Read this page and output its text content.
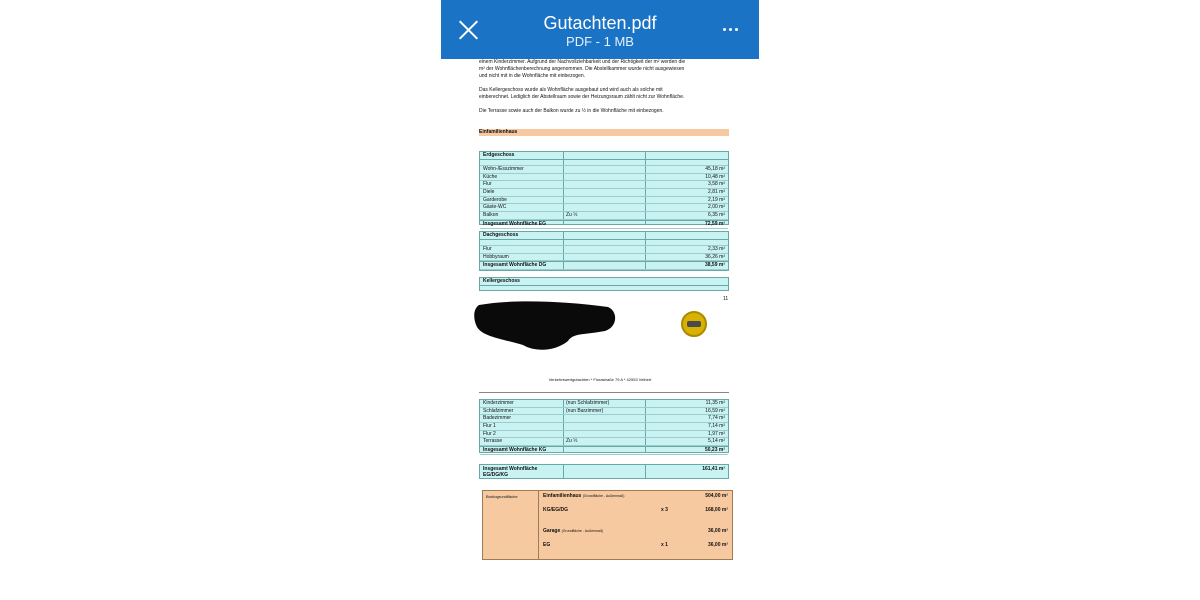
Gutachten.pdf
PDF - 1 MB
einem Kinderzimmer. Aufgrund der Nachvollziehbarkeit und der Richtigkeit der m² werden die
m² der Wohnflächenberechnung angenommen. Die Abstellkammer wurde nicht ausgewiesen
und nicht mit in die Wohnfläche mit einbezogen.
Das Kellergeschoss wurde als Wohnfläche ausgebaut und wird auch als solche mit
einberechnet. Lediglich der Abstellraum sowie der Heizungsraum zählt nicht zur Wohnfläche.
Die Terrasse sowie auch der Balkon wurde zu ½ in die Wohnfläche mit einbezogen.
Einfamilienhaus
Erdgeschoss
Wohn-/Esszimmer	45,18 m²
Küche	10,48 m²
Flur	3,58 m²
Diele	2,81 m²
Garderobe	2,19 m²
Gäste-WC	2,00 m²
Balkon	Zu ½	6,35 m²
Insgesamt Wohnfläche EG	72,59 m²
Dachgeschoss
Flur	2,33 m²
Hobbyraum	36,26 m²
Insgesamt Wohnfläche DG	38,59 m²
Kellergeschoss
11
Verkehrswertgutachten * Florastraße 79 A * 42553 Velbert
Kinderzimmer	(nun Schlafzimmer)	11,35 m²
Schlafzimmer	(nun Barzimmer)	16,59 m²
Badezimmer	7,74 m²
Flur 1	7,14 m²
Flur 2	1,97 m²
Terrasse	Zu ½	5,14 m²
Insgesamt Wohnfläche KG	50,23 m²
Insgesamt Wohnfläche
EG/DG/KG
161,41 m²
Bruttogrundfläche	Einfamilienhaus (Grundfläche - Außenmaß)	504,00 m²
KG/EG/DG	x 3	168,00 m²
Garage (Grundfläche - Außenmaß)	36,00 m²
EG	x 1	36,00 m²
